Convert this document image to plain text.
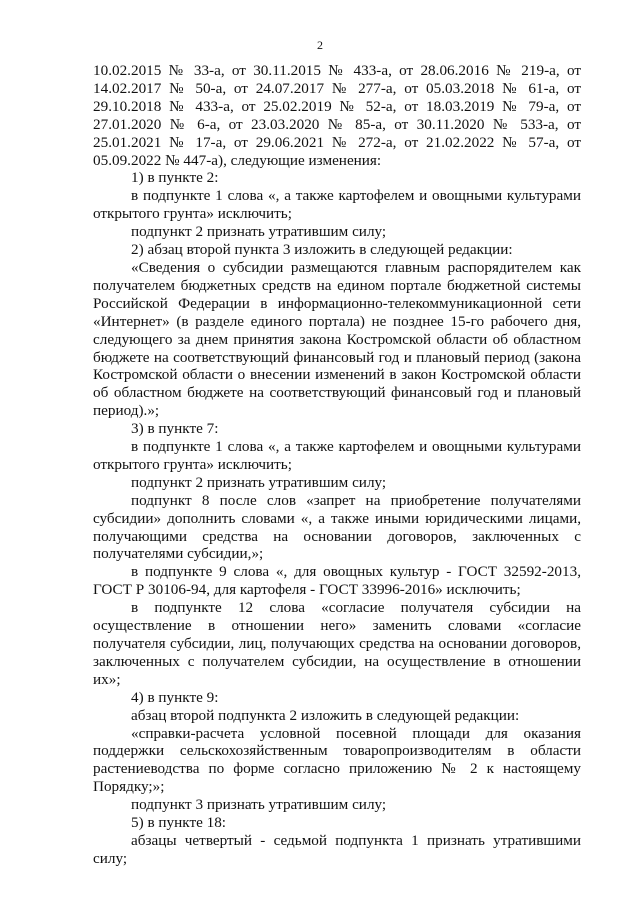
2

10.02.2015 № 33-а, от 30.11.2015 № 433-а, от 28.06.2016 № 219-а, от 14.02.2017 № 50-а, от 24.07.2017 № 277-а, от 05.03.2018 № 61-а, от 29.10.2018 № 433-а, от 25.02.2019 № 52-а, от 18.03.2019 № 79-а, от 27.01.2020 № 6-а, от 23.03.2020 № 85-а, от 30.11.2020 № 533-а, от 25.01.2021 № 17-а, от 29.06.2021 № 272-а, от 21.02.2022 № 57-а, от 05.09.2022 № 447-а), следующие изменения:

1) в пункте 2:

в подпункте 1 слова «, а также картофелем и овощными культурами открытого грунта» исключить;

подпункт 2 признать утратившим силу;

2) абзац второй пункта 3 изложить в следующей редакции:

«Сведения о субсидии размещаются главным распорядителем как получателем бюджетных средств на едином портале бюджетной системы Российской Федерации в информационно-телекоммуникационной сети «Интернет» (в разделе единого портала) не позднее 15-го рабочего дня, следующего за днем принятия закона Костромской области об областном бюджете на соответствующий финансовый год и плановый период (закона Костромской области о внесении изменений в закон Костромской области об областном бюджете на соответствующий финансовый год и плановый период).»;

3) в пункте 7:

в подпункте 1 слова «, а также картофелем и овощными культурами открытого грунта» исключить;

подпункт 2 признать утратившим силу;

подпункт 8 после слов «запрет на приобретение получателями субсидии» дополнить словами «, а также иными юридическими лицами, получающими средства на основании договоров, заключенных с получателями субсидии,»;

в подпункте 9 слова «, для овощных культур - ГОСТ 32592-2013, ГОСТ Р 30106-94, для картофеля - ГОСТ 33996-2016» исключить;

в подпункте 12 слова «согласие получателя субсидии на осуществление в отношении него» заменить словами «согласие получателя субсидии, лиц, получающих средства на основании договоров, заключенных с получателем субсидии, на осуществление в отношении их»;

4) в пункте 9:

абзац второй подпункта 2 изложить в следующей редакции:

«справки-расчета условной посевной площади для оказания поддержки сельскохозяйственным товаропроизводителям в области растениеводства по форме согласно приложению № 2 к настоящему Порядку;»;

подпункт 3 признать утратившим силу;

5) в пункте 18:

абзацы четвертый - седьмой подпункта 1 признать утратившими силу;
